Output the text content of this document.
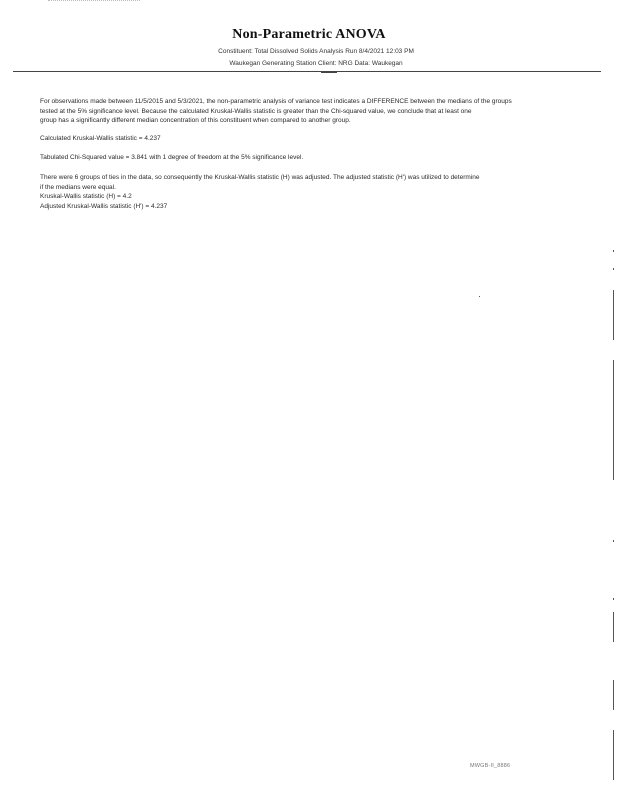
Non-Parametric ANOVA
Constituent: Total Dissolved Solids Analysis Run 8/4/2021 12:03 PM
Waukegan Generating Station Client: NRG Data: Waukegan
For observations made between 11/5/2015 and 5/3/2021, the non-parametric analysis of variance test indicates a DIFFERENCE between the medians of the groups
tested at the 5% significance level. Because the calculated Kruskal-Wallis statistic is greater than the Chi-squared value, we conclude that at least one
group has a significantly different median concentration of this constituent when compared to another group.
Calculated Kruskal-Wallis statistic = 4.237
Tabulated Chi-Squared value = 3.841 with 1 degree of freedom at the 5% significance level.
There were 6 groups of ties in the data, so consequently the Kruskal-Wallis statistic (H) was adjusted. The adjusted statistic (H') was utilized to determine
if the medians were equal.
Kruskal-Wallis statistic (H) = 4.2
Adjusted Kruskal-Wallis statistic (H') = 4.237
MWGB-II_8886
